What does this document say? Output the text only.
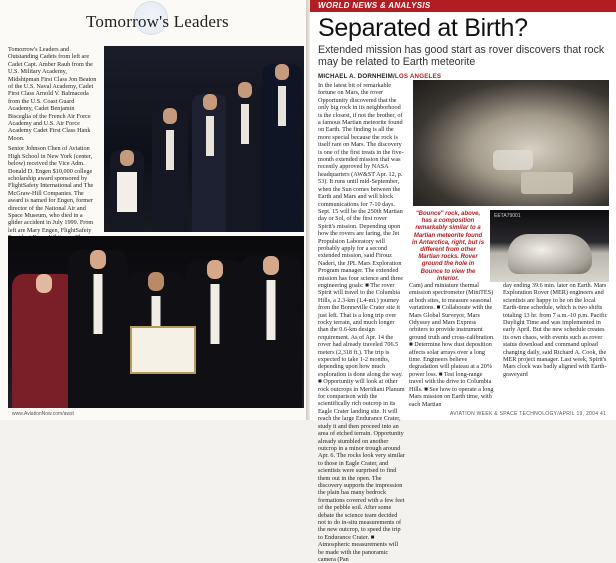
Tomorrow's Leaders

Tomorrow's Leaders and Outstanding Cadets from left are Cadet Capt. Amber Rauh from the U.S. Military Academy, Midshipman First Class Jon Beaton of the U.S. Naval Academy, Cadet First Class Arnold V. Balmaceda from the U.S. Coast Guard Academy, Cadet Benjamin Bisceglia of the French Air Force Academy and U.S. Air Force Academy Cadet First Class Hank Moon.

Senior Johnson Chen of Aviation High School in New York (center, below) received the Vice Adm. Donald D. Engen $10,000 college scholarship award sponsored by FlightSafety International and The McGraw-Hill Companies. The award is named for Engen, former director of the National Air and Space Museum, who died in a glider accident in July 1999. From left are Mary Engen, FlightSafety

www.AviationNow.com/awst
WORLD NEWS & ANALYSIS
Separated at Birth?
Extended mission has good start as rover discovers that rock may be related to Earth meteorite
MICHAEL A. DORNHEIM/LOS ANGELES

In the latest bit of remarkable fortune on Mars, the rover Opportunity discovered that the only big rock in its neighborhood is the closest, if not the brother, of a famous Martian meteorite found on Earth. The finding is all the more special because the rock is itself rare on Mars. The discovery is one of the first treats in the five-month extended mission that was recently approved by NASA headquarters (AW&ST Apr. 12, p. 53). It runs until mid-September, when the Sun comes between the Earth and Mars and will block communications for 7-10 days. Sept. 15 will be the 250th Martian day or Sol, of the first rover Spirit's mission. Depending upon how the rovers are faring, the Jet Propulsion Laboratory will probably apply for a second extended mission, said Firouz Naderi, the JPL Mars Exploration Program manager. The extended mission has four science and three engineering goals: ■ The rover Spirit will travel to the Columbia Hills, a 2.3-km (1.4-mi.) journey from the Bonneville Crater site it just left. That is a long trip over rocky terrain, and much longer than the 0.6-km design requirement. As of Apr. 14 the rover had already traveled 706.5 meters (2,318 ft.). The trip is expected to take 1-2 months, depending upon how much exploration is done along the way. ■ Opportunity will look at other rock outcrops in Meridiani Planum for comparison with the scientifically rich outcrop in its Eagle Crater landing site. It will reach the large Endurance Crater, study it and then proceed into an area of etched terrain. Opportunity already stumbled on another outcrop in a minor trough around Apr. 6. The rocks look very similar to those in Eagle Crater, and scientists were surprised to find them out in the open. The discovery supports the impression the plain has many bedrock formations covered with a few feet of the pebble soil. After some debate the science team decided not to do in-situ measurements of the new outcrop, to speed the trip to Endurance Crater. ■ Atmospheric measurements will be made with the panoramic camera (Pan

"Bounce" rock, above, has a composition remarkably similar to a Martian meteorite found in Antarctica, right, but is different from other Martian rocks. Rover ground the hole in Bounce to view the interior.
EETA79001

Cam) and miniature thermal emission spectrometer (MiniTES) at both sites, to measure seasonal variations. ■ Collaborate with the Mars Global Surveyor, Mars Odyssey and Mars Express orbiters to provide instrument ground truth and cross-calibration. ■ Determine how dust deposition affects solar arrays over a long time. Engineers believe degradation will plateau at a 20% power loss. ■ Test long-range travel with the drive to Columbia Hills. ■ See how to operate a long Mars mission on Earth time, with each Martian

day ending 39.6 min. later on Earth. Mars Exploration Rover (MER) engineers and scientists are happy to be on the local Earth-time schedule, which is two shifts totaling 13 hr. from 7 a.m.-10 p.m. Pacific Daylight Time and was implemented in early April. But the new schedule creates its own chaos, with events such as rover status download and command upload changing daily, said Richard A. Cook, the MER project manager. Last week, Spirit's Mars clock was badly aligned with Earth-graveyard

AVIATION WEEK & SPACE TECHNOLOGY/APRIL 19, 2004 41
